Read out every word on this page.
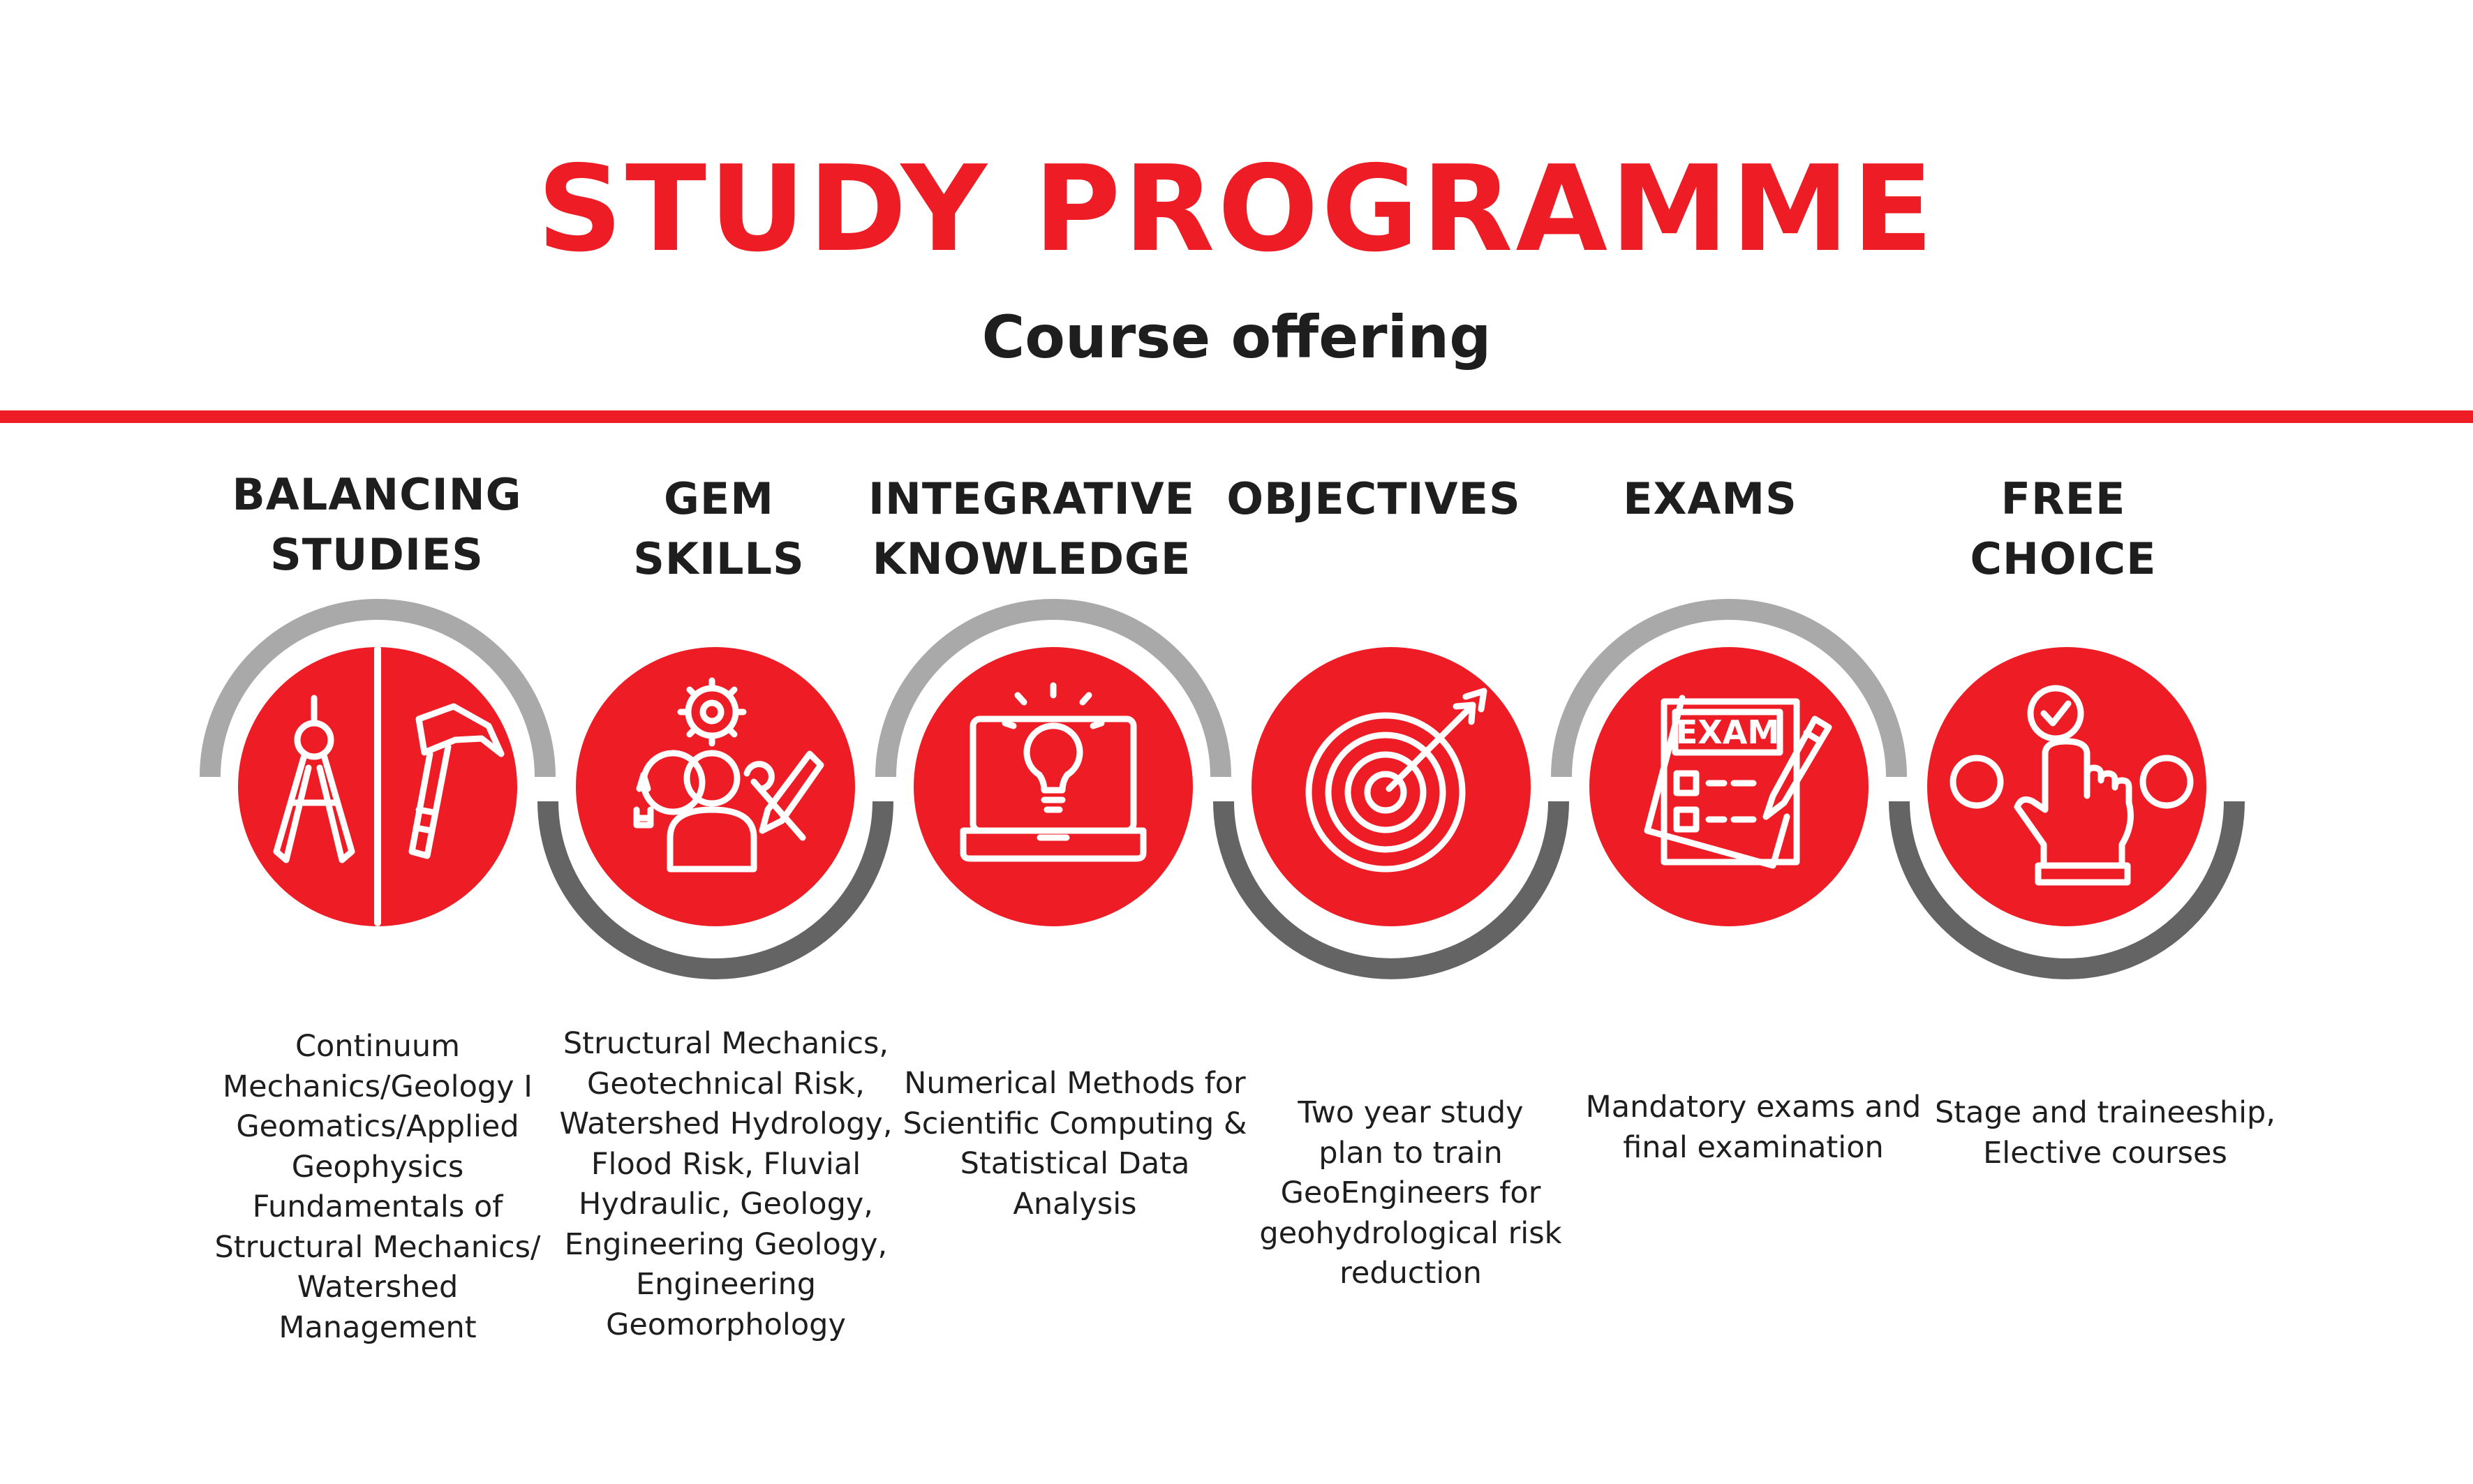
STUDY PROGRAMME
Course offering
BALANCING
STUDIES
GEM
SKILLS
INTEGRATIVE
KNOWLEDGE
OBJECTIVES	EXAMS	FREE
CHOICE
EXAM
Continuum
Mechanics/Geology I
Geomatics/Applied
Geophysics
Fundamentals of
Structural Mechanics/
Watershed
Management
Structural Mechanics,
Geotechnical Risk,
Watershed Hydrology,
Flood Risk, Fluvial
Hydraulic, Geology,
Engineering Geology,
Engineering
Geomorphology
Numerical Methods for
Scientific Computing &
Statistical Data Analysis
Two year study
plan to train
GeoEngineers for
geohydrological risk
reduction
Mandatory exams and
final examination
Stage and traineeship,
Elective courses
